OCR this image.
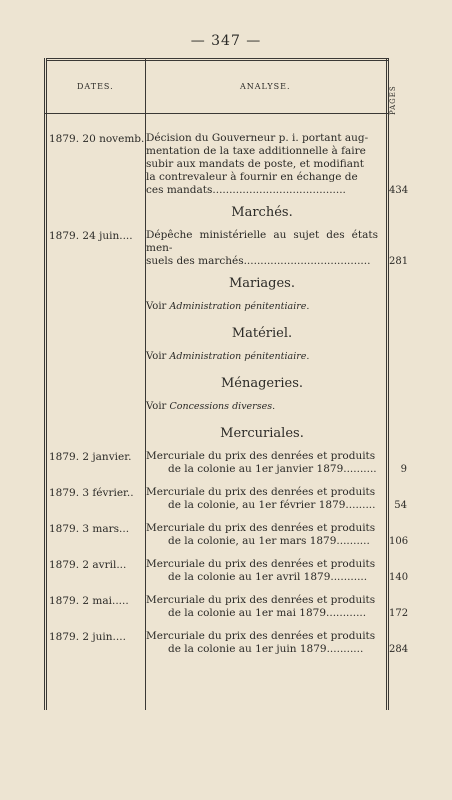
— 347 —
DATES.	ANALYSE.	PAGES
1879. 20 novemb. Décision du Gouverneur p. i. portant aug-
mentation de la taxe additionnelle à faire
subir aux mandats de poste, et modifiant
la contrevaleur à fournir en échange de
ces mandats........................................	434
Marchés.
1879. 24 juin....	Dépêche ministérielle au sujet des états men-
suels des marchés...................................... 281
Mariages.
Voir Administration pénitentiaire.
Matériel.
Voir Administration pénitentiaire.
Ménageries.
Voir Concessions diverses.
Mercuriales.
1879. 2 janvier.	Mercuriale du prix des denrées et produits
de la colonie au 1er janvier 1879..........	9
1879. 3 février..	Mercuriale du prix des denrées et produits
de la colonie, au 1er février 1879.........	54
1879. 3 mars...	Mercuriale du prix des denrées et produits
de la colonie, au 1er mars 1879.......... 106
1879. 2 avril...	Mercuriale du prix des denrées et produits
de la colonie au 1er avril 1879........... 140
1879. 2 mai.....	Mercuriale du prix des denrées et produits
de la colonie au 1er mai 1879............ 172
1879. 2 juin....	Mercuriale du prix des denrées et produits
de la colonie au 1er juin 1879...........	284
